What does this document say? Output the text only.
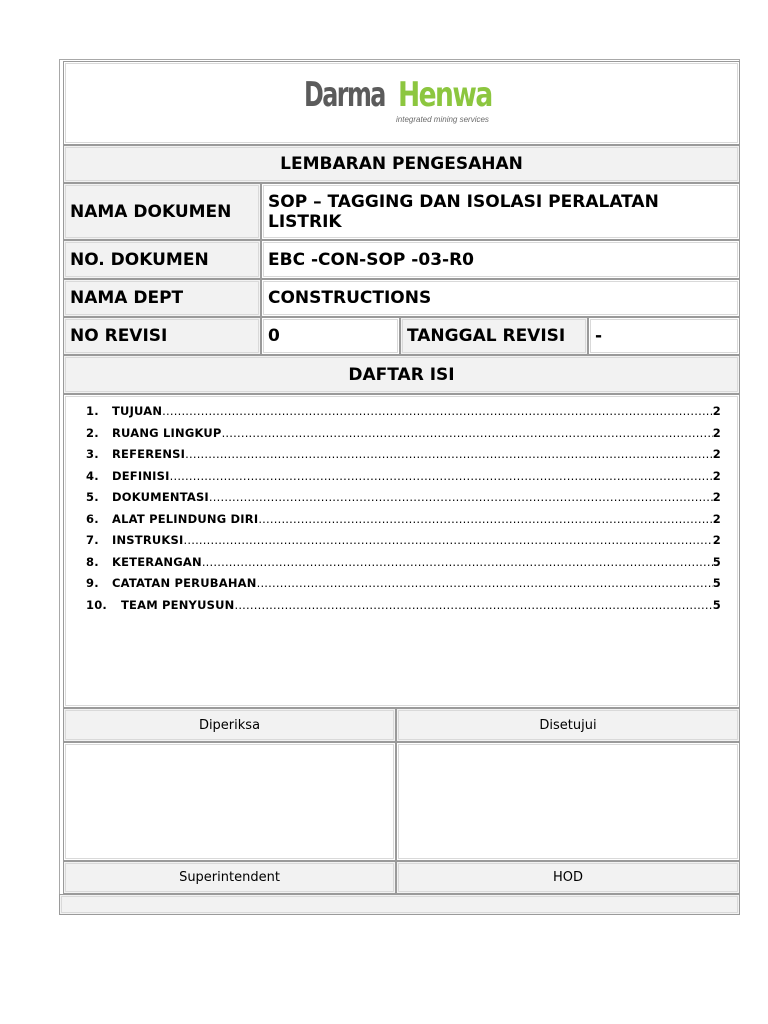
Darma Henwa
integrated mining services
LEMBARAN PENGESAHAN
NAMA DOKUMEN	SOP – TAGGING DAN ISOLASI PERALATAN LISTRIK
NO. DOKUMEN	EBC -CON-SOP -03-R0
NAMA DEPT	CONSTRUCTIONS
NO REVISI	0	TANGGAL REVISI	-
DAFTAR ISI
1.	TUJUAN .....	2
2.	RUANG LINGKUP .....	2
3.	REFERENSI .....	2
4.	DEFINISI .....	2
5.	DOKUMENTASI .....	2
6.	ALAT PELINDUNG DIRI .....	2
7.	INSTRUKSI .....	2
8.	KETERANGAN .....	5
9.	CATATAN PERUBAHAN .....	5
10.	TEAM PENYUSUN .....	5
Diperiksa	Disetujui
Superintendent	HOD
